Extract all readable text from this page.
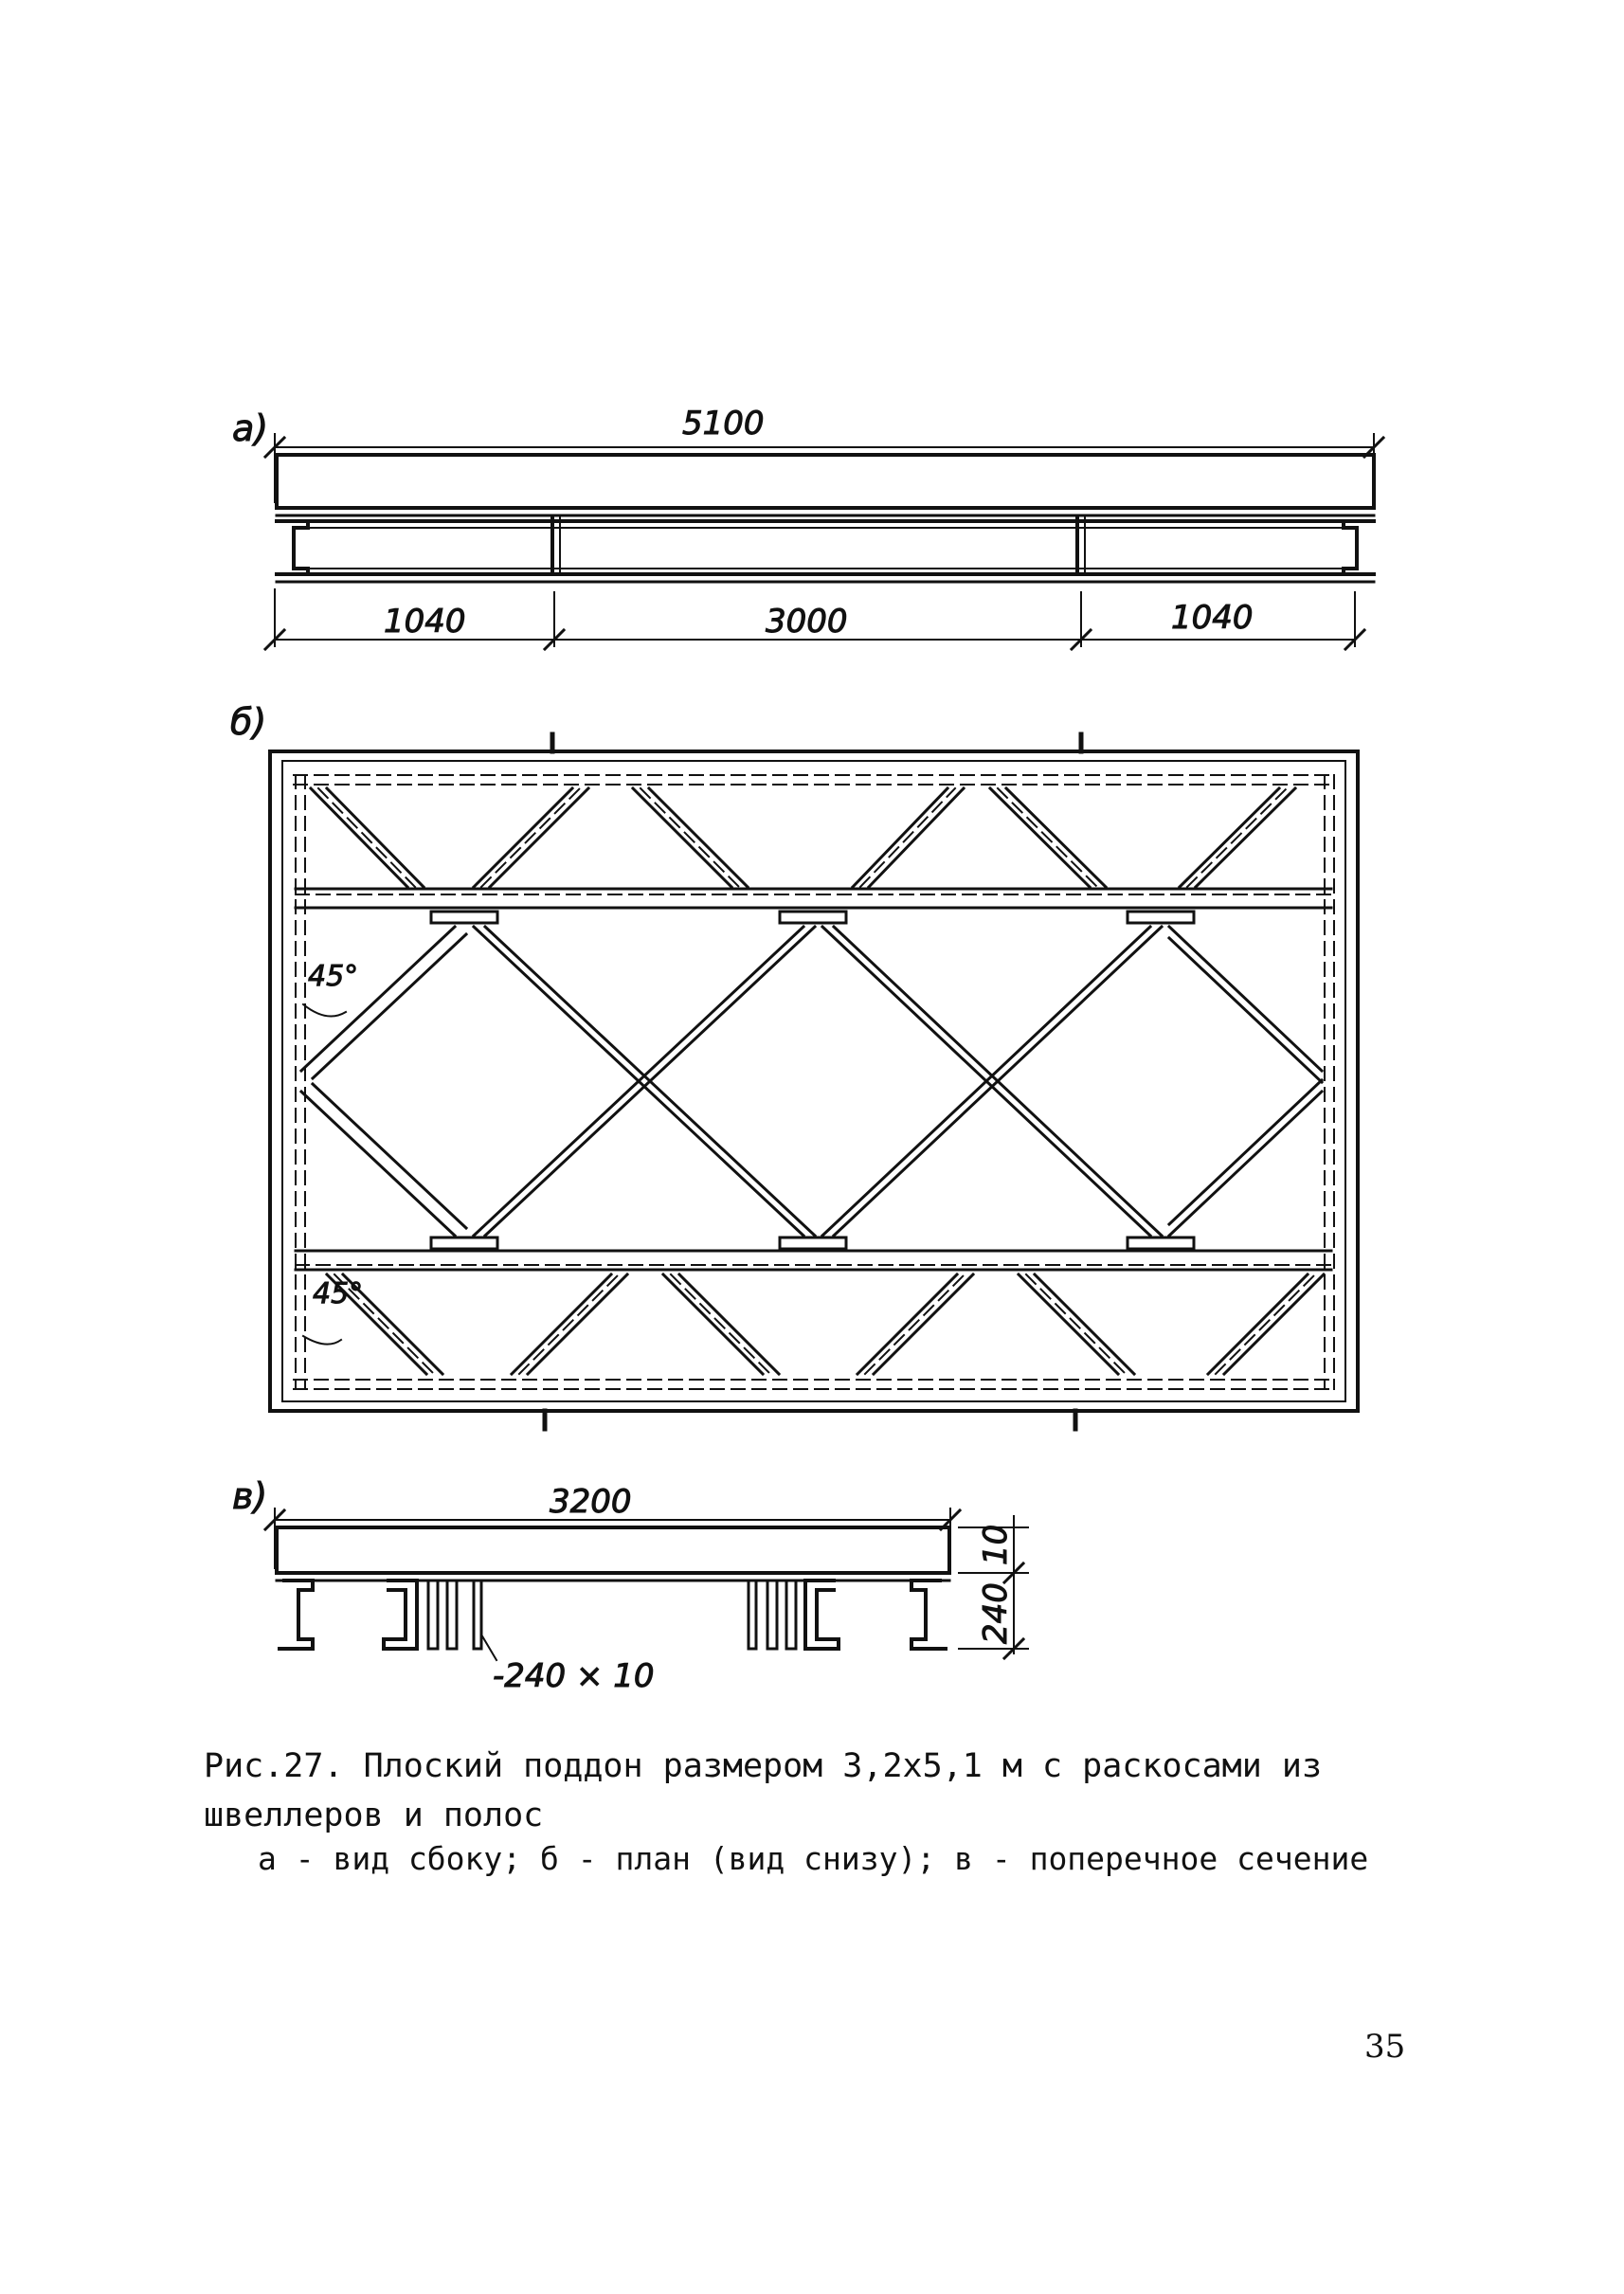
а)	5100
1040	3000	1040
б)
45°
45°
в)	3200
-240 × 10
240
10
Рис.27. Плоский поддон размером 3,2х5,1 м с раскосами из швеллеров и полос
а - вид сбоку; б - план (вид снизу); в - поперечное сечение
35
